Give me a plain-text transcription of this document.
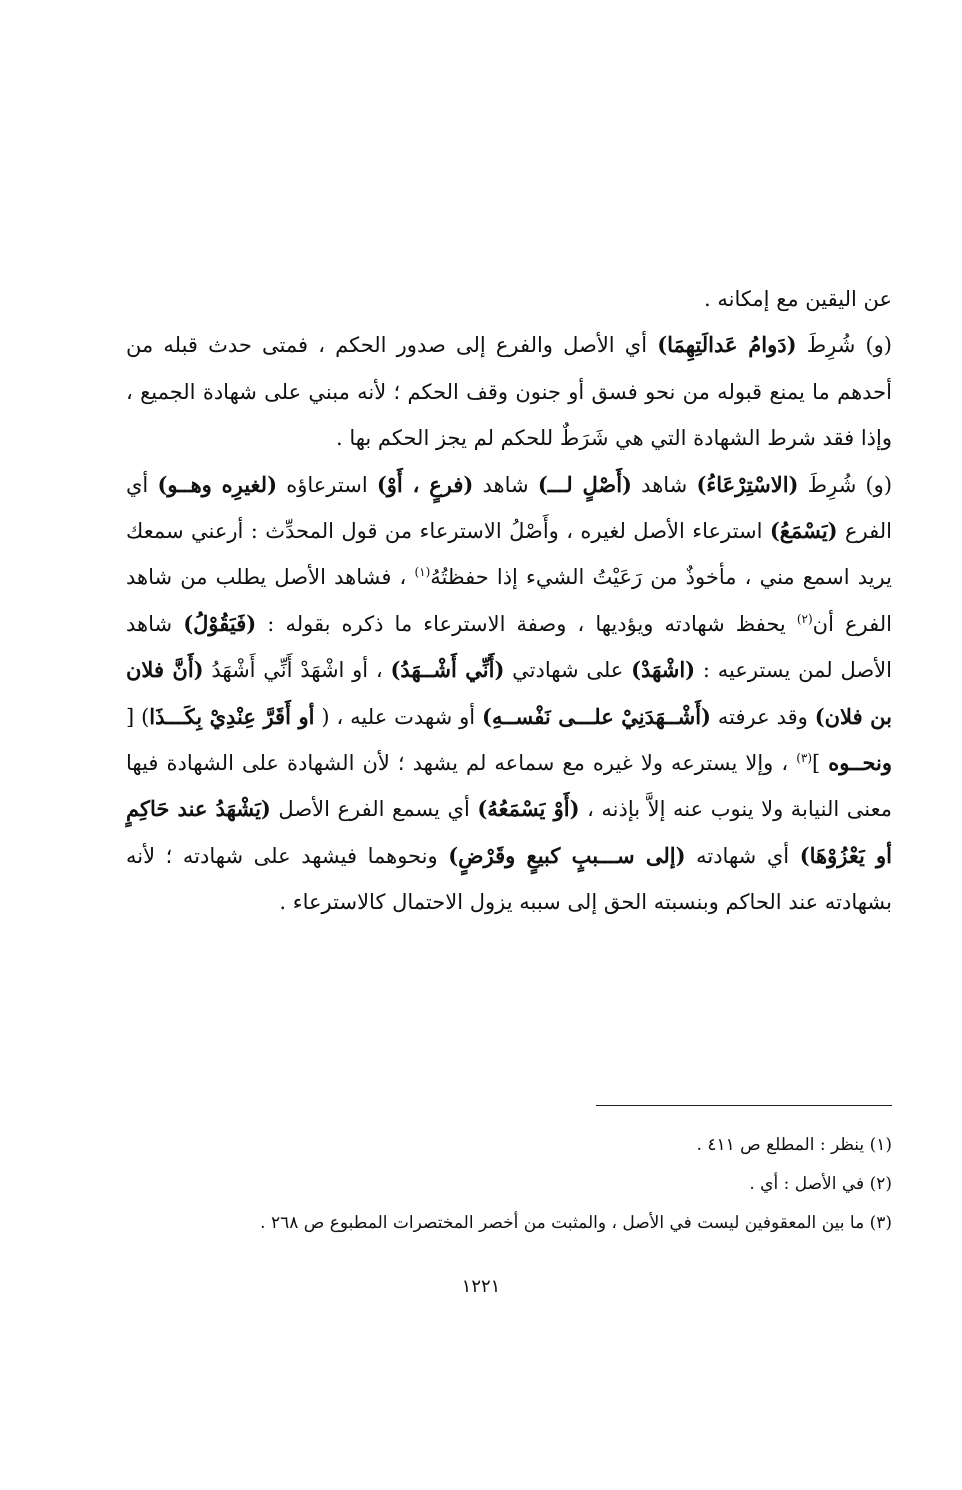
عن اليقين مع إمكانه .

(و) شُرِطَ (دَوامُ عَدالَتِهِمَا) أي الأصل والفرع إلى صدور الحكم ، فمتى حدث قبله من أحدهم ما يمنع قبوله من نحو فسق أو جنون وقف الحكم ؛ لأنه مبني على شهادة الجميع ، وإذا فقد شرط الشهادة التي هي شَرَطٌ للحكم لم يجز الحكم بها .

(و) شُرِطَ (الاسْتِرْعَاءُ) شاهد (أَصْلٍ لـــ) شاهد (فرعٍ ، أَوْ) استرعاؤه (لغيرِه وهــو) أي الفرع (يَسْمَعُ) استرعاء الأصل لغيره ، وأَصْلُ الاسترعاء من قول المحدِّث : أرعني سمعك يريد اسمع مني ، مأخوذٌ من رَعَيْتُ الشيء إذا حفظتُهُ$^{(١)}$ ، فشاهد الأصل يطلب من شاهد الفرع أن$^{(٢)}$ يحفظ شهادته ويؤديها ، وصفة الاسترعاء ما ذكره بقوله : (فَيَقُوْلُ) شاهد الأصل لمن يسترعيه : (اشْهَدْ) على شهادتي (أَنِّي أَشْــهَدُ) ، أو اشْهَدْ أَنِّي أَشْهَدُ (أَنَّ فلان بن فلان) وقد عرفته (أَشْــهَدَنِيْ علـــى نَفْســهِ) أو شهدت عليه ، ( أو أَقَرَّ عِنْدِيْ بِكَـــذَا) [ ونحــوه ]$^{(٣)}$ ، وإلا يسترعه ولا غيره مع سماعه لم يشهد ؛ لأن الشهادة على الشهادة فيها معنى النيابة ولا ينوب عنه إلاَّ بإذنه ، (أَوْ يَسْمَعُهُ) أي يسمع الفرع الأصل (يَشْهَدُ عند حَاكِمٍ أو يَعْزُوْهَا) أي شهادته (إلى ســـببٍ كبيعٍ وقَرْضٍ) ونحوهما فيشهد على شهادته ؛ لأنه بشهادته عند الحاكم وبنسبته الحق إلى سببه يزول الاحتمال كالاسترعاء .

(١) ينظر : المطلع ص ٤١١ .
(٢) في الأصل : أي .
(٣) ما بين المعقوفين ليست في الأصل ، والمثبت من أخصر المختصرات المطبوع ص ٢٦٨ .
١٢٢١
